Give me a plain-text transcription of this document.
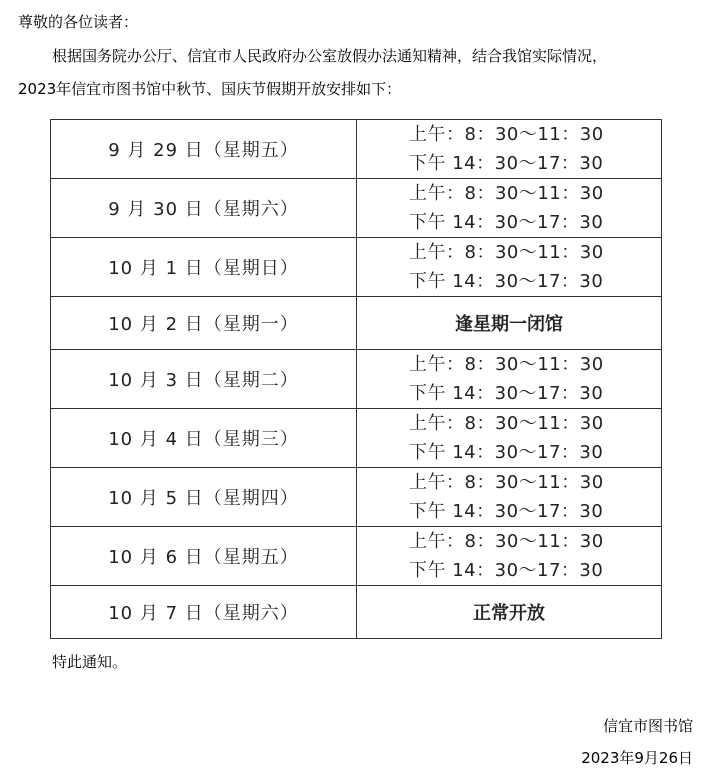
尊敬的各位读者：
根据国务院办公厅、信宜市人民政府办公室放假办法通知精神，结合我馆实际情况，
2023年信宜市图书馆中秋节、国庆节假期开放安排如下：
9 月 29 日（星期五）	上午：8：30～11：30
下午 14：30～17：30

9 月 30 日（星期六）	上午：8：30～11：30
下午 14：30～17：30

10 月 1 日（星期日）	上午：8：30～11：30
下午 14：30～17：30

10 月 2 日（星期一）	逢星期一闭馆
10 月 3 日（星期二）	上午：8：30～11：30
下午 14：30～17：30

10 月 4 日（星期三）	上午：8：30～11：30
下午 14：30～17：30

10 月 5 日（星期四）	上午：8：30～11：30
下午 14：30～17：30

10 月 6 日（星期五）	上午：8：30～11：30
下午 14：30～17：30

10 月 7 日（星期六）	正常开放
特此通知。
信宜市图书馆
2023年9月26日
